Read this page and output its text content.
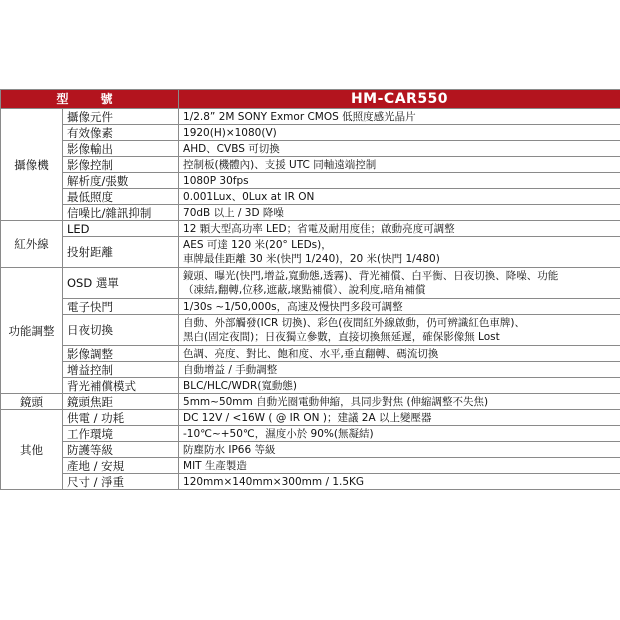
型　號		HM-CAR550
攝像機	攝像元件	1/2.8” 2M SONY Exmor CMOS 低照度感光晶片
	有效像素	1920(H)×1080(V)
	影像輸出	AHD、CVBS 可切換
	影像控制	控制板(機體內)、支援 UTC 同軸遠端控制
	解析度/張數	1080P 30fps
	最低照度	0.001Lux、0Lux at IR ON
	信噪比/雜訊抑制	70dB 以上 / 3D 降噪
紅外線	LED	12 顆大型高功率 LED；省電及耐用度佳；啟動亮度可調整
	投射距離	AES 可達 120 米(20° LEDs)，
車牌最佳距離 30 米(快門 1/240)，20 米(快門 1/480)

功能調整	OSD 選單	鏡頭、曝光(快門,增益,寬動態,透霧)、背光補償、白平衡、日夜切換、降噪、功能
（凍結,翻轉,位移,遮蔽,壞點補償）、說利度,暗角補償

	電子快門	1/30s ~1/50,000s，高速及慢快門多段可調整
	日夜切換	自動、外部觸發(ICR 切換)、彩色(夜間紅外線啟動，仍可辨識紅色車牌)、
黑白(固定夜間)；日夜獨立參數，直接切換無延遲，確保影像無 Lost

	影像調整	色調、亮度、對比、飽和度、水平,垂直翻轉、碼流切換
	增益控制	自動增益 / 手動調整
	背光補償模式	BLC/HLC/WDR(寬動態)
鏡頭	鏡頭焦距	5mm~50mm 自動光圈電動伸縮，具同步對焦 (伸縮調整不失焦)
其他	供電 / 功耗	DC 12V / <16W ( @ IR ON )；建議 2A 以上變壓器
	工作環境	-10℃~+50℃，濕度小於 90%(無凝結)
	防護等級	防塵防水 IP66 等級
	產地 / 安規	MIT 生產製造
	尺寸 / 淨重	120mm×140mm×300mm / 1.5KG
